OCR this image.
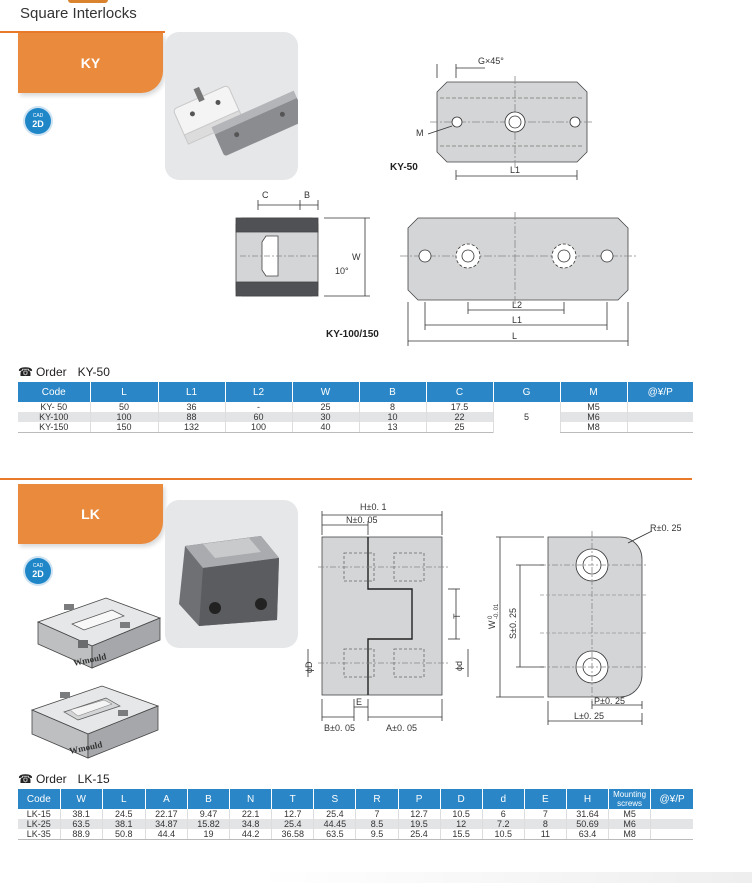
Square Interlocks
KY
CAD
2D
G×45°
M
L1
KY-50
C	B
W
10°
L2
L1
L
KY-100/150
☎ Order KY-50
Code	L	L1	L2	W	B	C	G	M	@¥/P
KY- 50	50	36	-	25	8	17.5	5	M5	
KY-100	100	88	60	30	10	22		M6	
KY-150	150	132	100	40	13	25		M8	
LK
CAD
2D
Wmould
Wmould
H±0. 1
N±0. 05
T
ϕD	ϕd
E
B±0. 05	A±0. 05
R±0. 25
W
0 -0. 01 S±0. 25
P±0. 25
L±0. 25
☎ Order LK-15
Code	W	L	A	B	N	T	S	R	P	D	d	E	H	Mounting screws	@¥/P
LK-15	38.1	24.5	22.17	9.47	22.1	12.7	25.4	7	12.7	10.5	6	7	31.64	M5	
LK-25	63.5	38.1	34.87	15.82	34.8	25.4	44.45	8.5	19.5	12	7.2	8	50.69	M6	
LK-35	88.9	50.8	44.4	19	44.2	36.58	63.5	9.5	25.4	15.5	10.5	11	63.4	M8	
